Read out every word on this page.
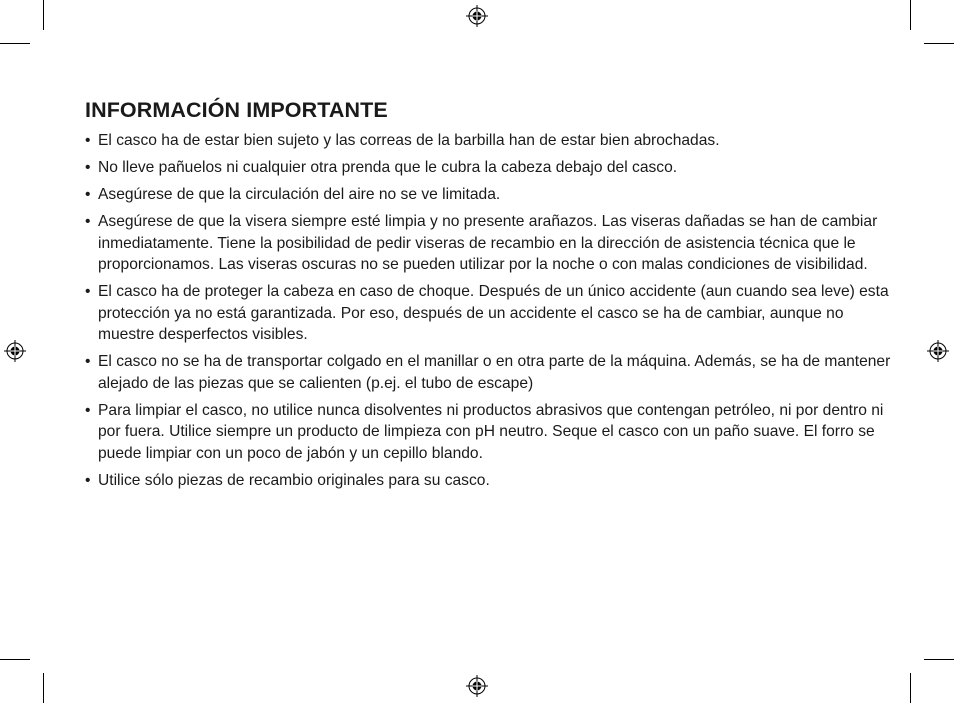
INFORMACIÓN IMPORTANTE
• El casco ha de estar bien sujeto y las correas de la barbilla han de estar bien abrochadas.
• No lleve pañuelos ni cualquier otra prenda que le cubra la cabeza debajo del casco.
• Asegúrese de que la circulación del aire no se ve limitada.
• Asegúrese de que la visera siempre esté limpia y no presente arañazos. Las viseras dañadas se han de cambiar inmediatamente. Tiene la posibilidad de pedir viseras de recambio en la dirección de asistencia técnica que le proporcionamos. Las viseras oscuras no se pueden utilizar por la noche o con malas condiciones de visibilidad.
• El casco ha de proteger la cabeza en caso de choque. Después de un único accidente (aun cuando sea leve) esta protección ya no está garantizada. Por eso, después de un accidente el casco se ha de cambiar, aunque no muestre desperfectos visibles.
• El casco no se ha de transportar colgado en el manillar o en otra parte de la máquina. Además, se ha de mantener alejado de las piezas que se calienten (p.ej. el tubo de escape)
• Para limpiar el casco, no utilice nunca disolventes ni productos abrasivos que contengan petróleo, ni por dentro ni por fuera. Utilice siempre un producto de limpieza con pH neutro. Seque el casco con un paño suave. El forro se puede limpiar con un poco de jabón y un cepillo blando.
• Utilice sólo piezas de recambio originales para su casco.
